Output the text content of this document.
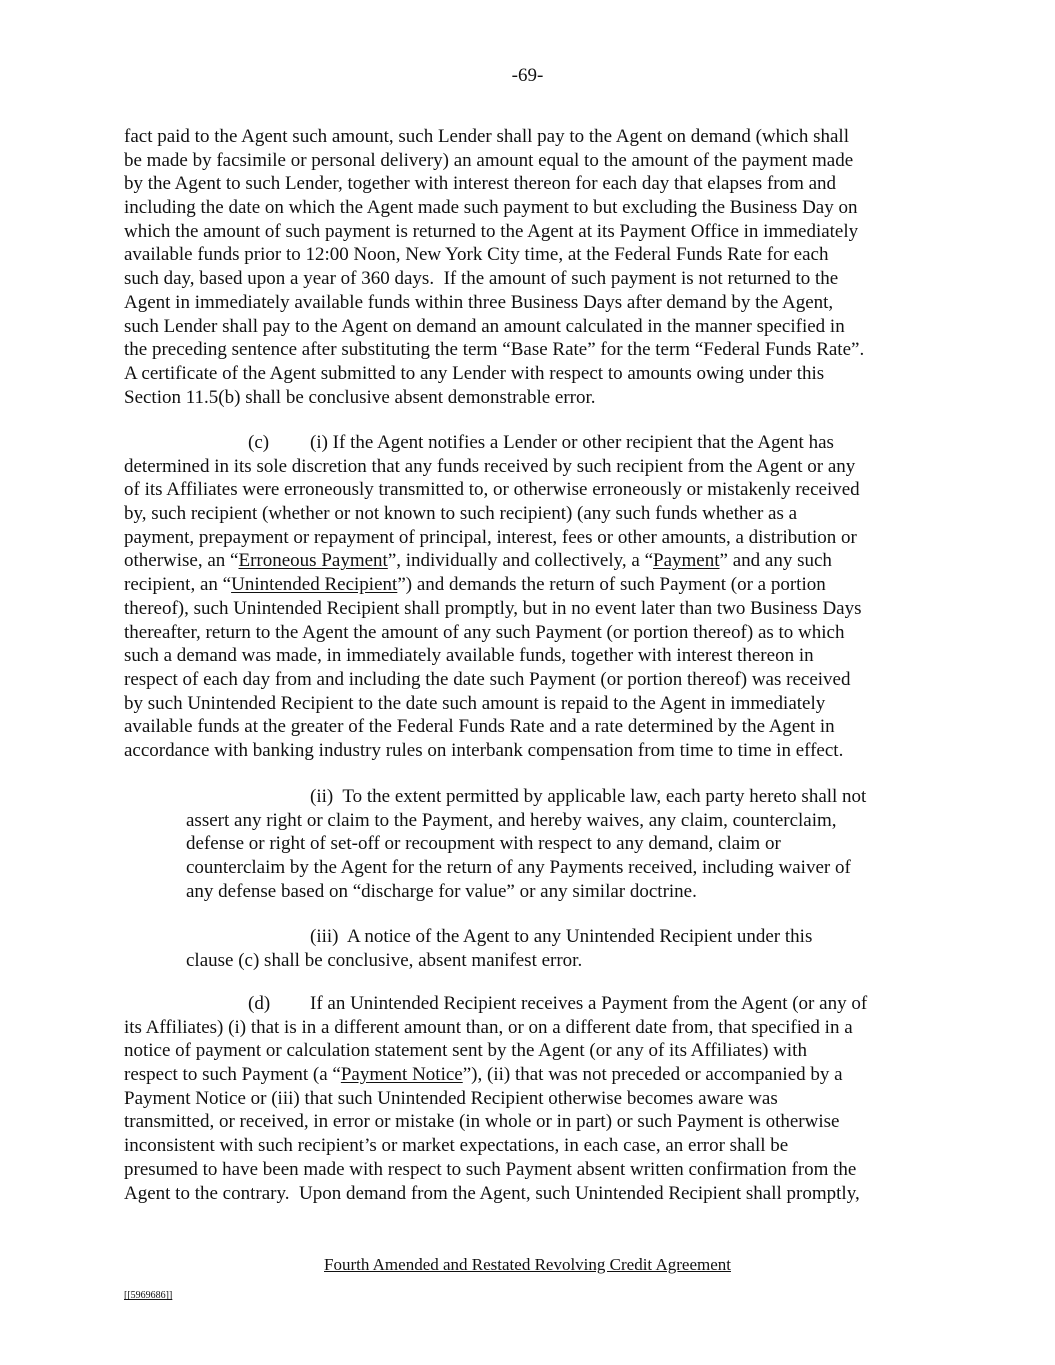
-69-
fact paid to the Agent such amount, such Lender shall pay to the Agent on demand (which shall
be made by facsimile or personal delivery) an amount equal to the amount of the payment made
by the Agent to such Lender, together with interest thereon for each day that elapses from and
including the date on which the Agent made such payment to but excluding the Business Day on
which the amount of such payment is returned to the Agent at its Payment Office in immediately
available funds prior to 12:00 Noon, New York City time, at the Federal Funds Rate for each
such day, based upon a year of 360 days.  If the amount of such payment is not returned to the
Agent in immediately available funds within three Business Days after demand by the Agent,
such Lender shall pay to the Agent on demand an amount calculated in the manner specified in
the preceding sentence after substituting the term “Base Rate” for the term “Federal Funds Rate”.
A certificate of the Agent submitted to any Lender with respect to amounts owing under this
Section 11.5(b) shall be conclusive absent demonstrable error.
(c) (i) If the Agent notifies a Lender or other recipient that the Agent has
determined in its sole discretion that any funds received by such recipient from the Agent or any
of its Affiliates were erroneously transmitted to, or otherwise erroneously or mistakenly received
by, such recipient (whether or not known to such recipient) (any such funds whether as a
payment, prepayment or repayment of principal, interest, fees or other amounts, a distribution or
otherwise, an “Erroneous Payment”, individually and collectively, a “Payment” and any such
recipient, an “Unintended Recipient”) and demands the return of such Payment (or a portion
thereof), such Unintended Recipient shall promptly, but in no event later than two Business Days
thereafter, return to the Agent the amount of any such Payment (or portion thereof) as to which
such a demand was made, in immediately available funds, together with interest thereon in
respect of each day from and including the date such Payment (or portion thereof) was received
by such Unintended Recipient to the date such amount is repaid to the Agent in immediately
available funds at the greater of the Federal Funds Rate and a rate determined by the Agent in
accordance with banking industry rules on interbank compensation from time to time in effect.
(ii)  To the extent permitted by applicable law, each party hereto shall not
assert any right or claim to the Payment, and hereby waives, any claim, counterclaim,
defense or right of set-off or recoupment with respect to any demand, claim or
counterclaim by the Agent for the return of any Payments received, including waiver of
any defense based on “discharge for value” or any similar doctrine.
(iii)  A notice of the Agent to any Unintended Recipient under this
clause (c) shall be conclusive, absent manifest error.
(d) If an Unintended Recipient receives a Payment from the Agent (or any of
its Affiliates) (i) that is in a different amount than, or on a different date from, that specified in a
notice of payment or calculation statement sent by the Agent (or any of its Affiliates) with
respect to such Payment (a “Payment Notice”), (ii) that was not preceded or accompanied by a
Payment Notice or (iii) that such Unintended Recipient otherwise becomes aware was
transmitted, or received, in error or mistake (in whole or in part) or such Payment is otherwise
inconsistent with such recipient’s or market expectations, in each case, an error shall be
presumed to have been made with respect to such Payment absent written confirmation from the
Agent to the contrary.  Upon demand from the Agent, such Unintended Recipient shall promptly,
Fourth Amended and Restated Revolving Credit Agreement
[[5969686]]
